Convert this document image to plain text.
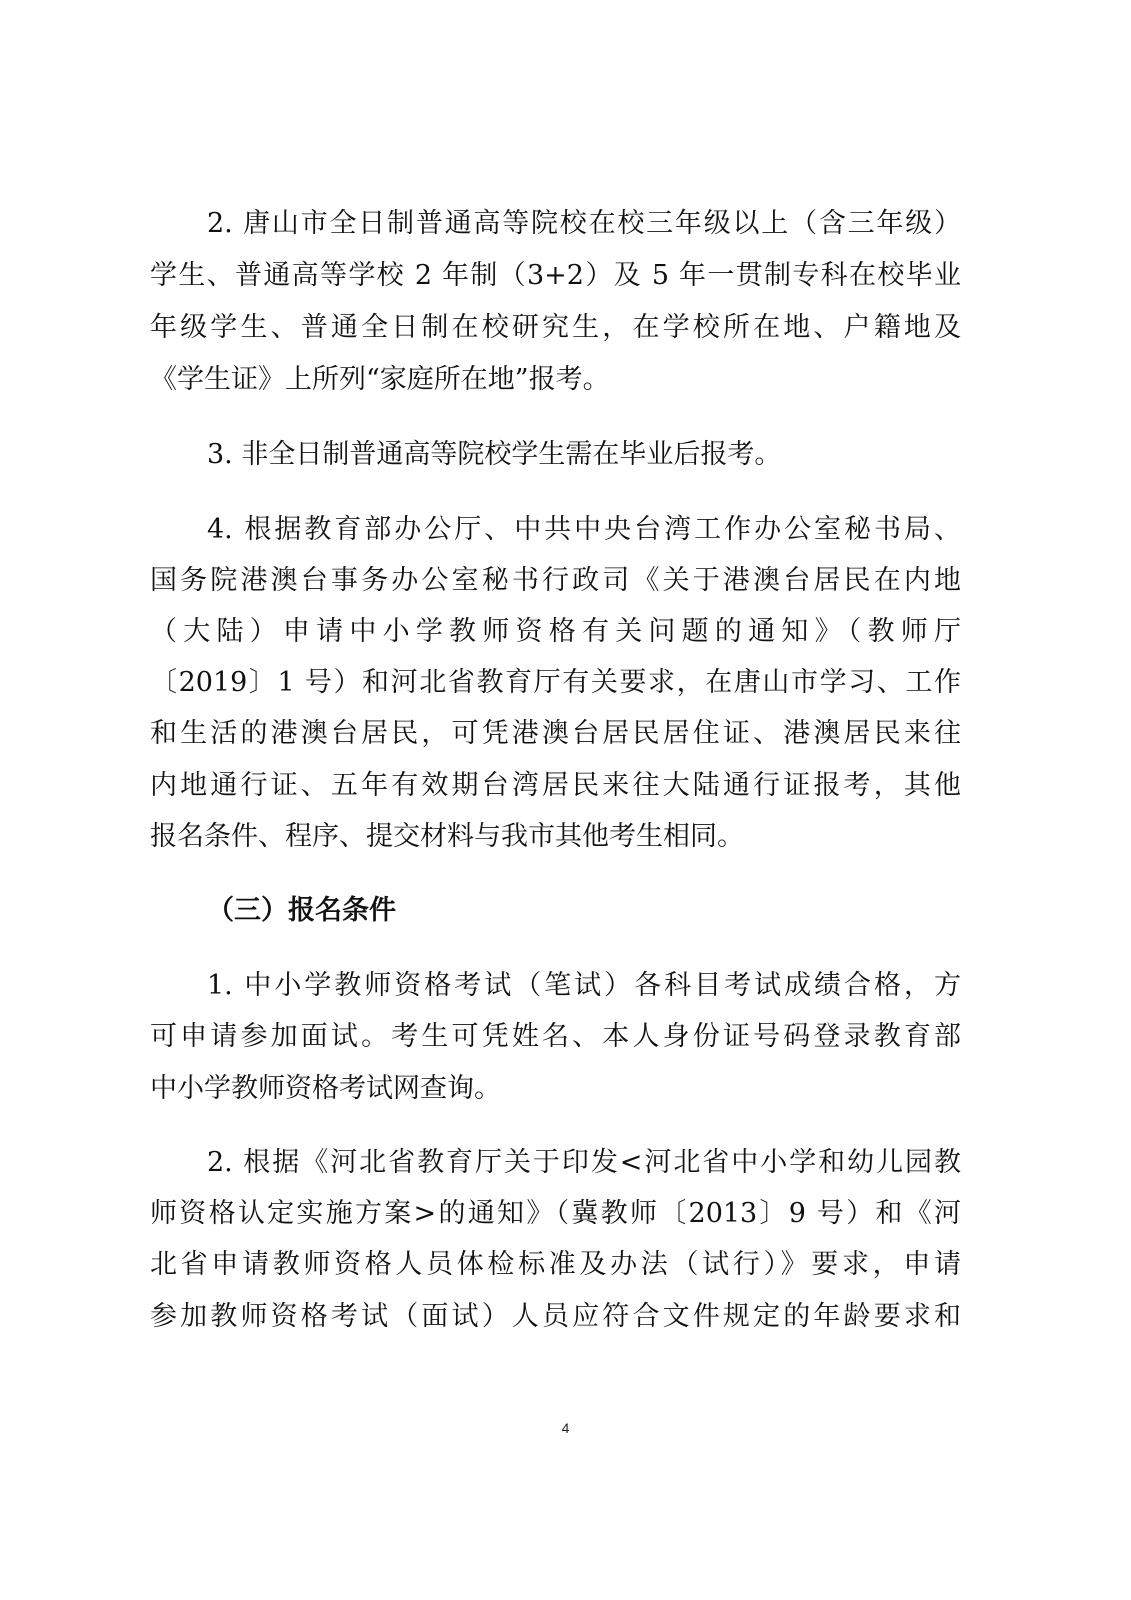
2. 唐山市全日制普通高等院校在校三年级以上（含三年级）
学生、普通高等学校 2 年制（3+2）及 5 年一贯制专科在校毕业
年级学生、普通全日制在校研究生，在学校所在地、户籍地及
《学生证》上所列“家庭所在地”报考。
3. 非全日制普通高等院校学生需在毕业后报考。
4. 根据教育部办公厅、中共中央台湾工作办公室秘书局、
国务院港澳台事务办公室秘书行政司《关于港澳台居民在内地
（大陆）申请中小学教师资格有关问题的通知》（教师厅
〔2019〕1 号）和河北省教育厅有关要求，在唐山市学习、工作
和生活的港澳台居民，可凭港澳台居民居住证、港澳居民来往
内地通行证、五年有效期台湾居民来往大陆通行证报考，其他
报名条件、程序、提交材料与我市其他考生相同。
（三）报名条件
1. 中小学教师资格考试（笔试）各科目考试成绩合格，方
可申请参加面试。考生可凭姓名、本人身份证号码登录教育部
中小学教师资格考试网查询。
2. 根据《河北省教育厅关于印发<河北省中小学和幼儿园教
师资格认定实施方案>的通知》（冀教师〔2013〕9 号）和《河
北省申请教师资格人员体检标准及办法（试行）》要求，申请
参加教师资格考试（面试）人员应符合文件规定的年龄要求和
4
